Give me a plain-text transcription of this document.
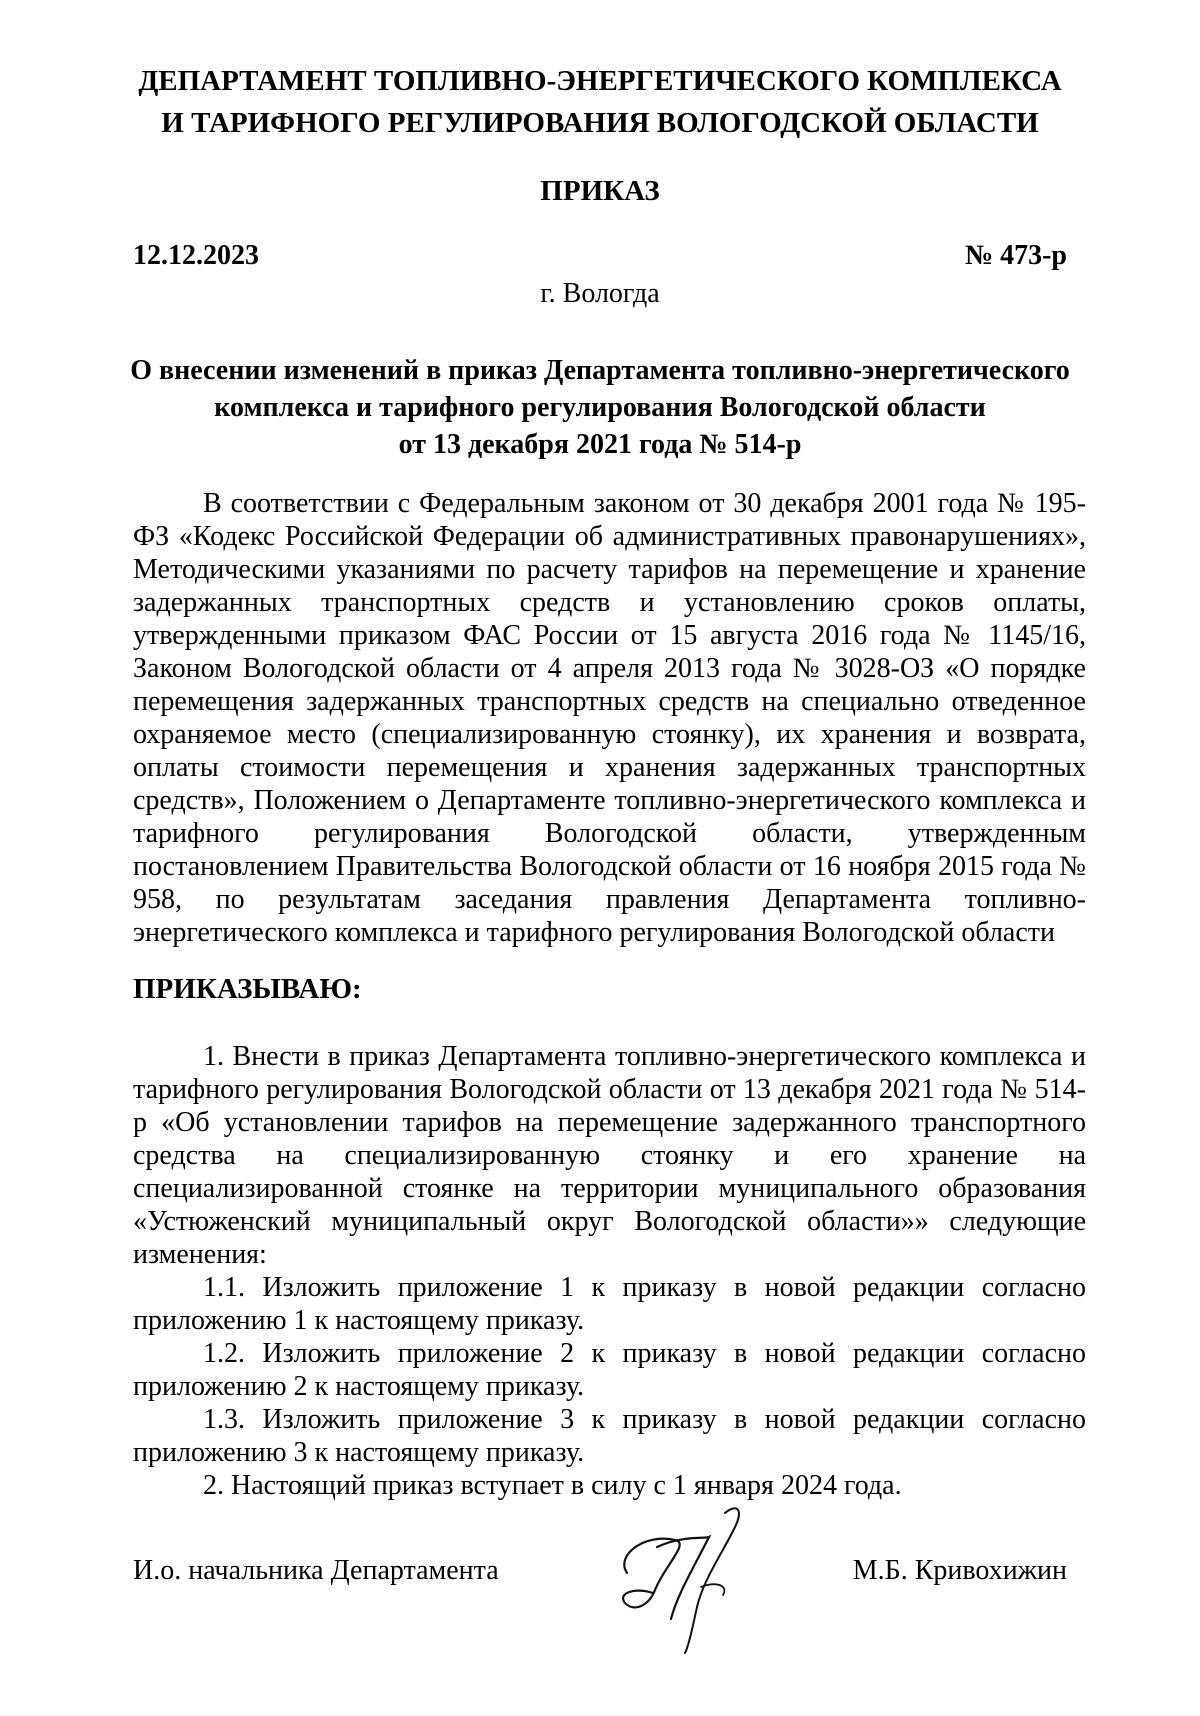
ДЕПАРТАМЕНТ ТОПЛИВНО-ЭНЕРГЕТИЧЕСКОГО КОМПЛЕКСА
И ТАРИФНОГО РЕГУЛИРОВАНИЯ ВОЛОГОДСКОЙ ОБЛАСТИ
ПРИКАЗ
12.12.2023	№ 473-р
г. Вологда
О внесении изменений в приказ Департамента топливно-энергетического
комплекса и тарифного регулирования Вологодской области
от 13 декабря 2021 года № 514-р
В соответствии с Федеральным законом от 30 декабря 2001 года № 195-ФЗ «Кодекс Российской Федерации об административных правонарушениях», Методическими указаниями по расчету тарифов на перемещение и хранение задержанных транспортных средств и установлению сроков оплаты, утвержденными приказом ФАС России от 15 августа 2016 года № 1145/16, Законом Вологодской области от 4 апреля 2013 года № 3028-ОЗ «О порядке перемещения задержанных транспортных средств на специально отведенное охраняемое место (специализированную стоянку), их хранения и возврата, оплаты стоимости перемещения и хранения задержанных транспортных средств», Положением о Департаменте топливно-энергетического комплекса и тарифного регулирования Вологодской области, утвержденным постановлением Правительства Вологодской области от 16 ноября 2015 года № 958, по результатам заседания правления Департамента топливно-энергетического комплекса и тарифного регулирования Вологодской области
ПРИКАЗЫВАЮ:

1. Внести в приказ Департамента топливно-энергетического комплекса и тарифного регулирования Вологодской области от 13 декабря 2021 года № 514-р «Об установлении тарифов на перемещение задержанного транспортного средства на специализированную стоянку и его хранение на специализированной стоянке на территории муниципального образования «Устюженский муниципальный округ Вологодской области»» следующие изменения:

1.1. Изложить приложение 1 к приказу в новой редакции согласно приложению 1 к настоящему приказу.

1.2. Изложить приложение 2 к приказу в новой редакции согласно приложению 2 к настоящему приказу.

1.3. Изложить приложение 3 к приказу в новой редакции согласно приложению 3 к настоящему приказу.

2. Настоящий приказ вступает в силу с 1 января 2024 года.

И.о. начальника Департамента	М.Б. Кривохижин
